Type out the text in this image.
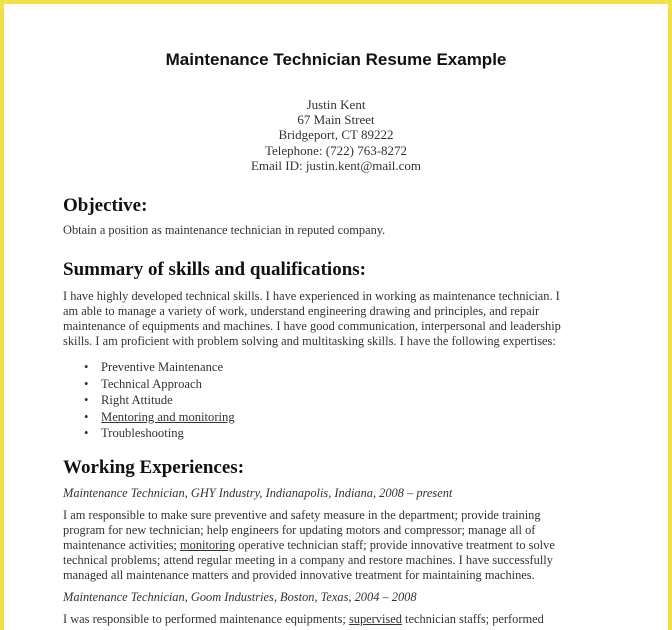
Maintenance Technician Resume Example
Justin Kent
67 Main Street
Bridgeport, CT 89222
Telephone: (722) 763-8272
Email ID: justin.kent@mail.com
Objective:
Obtain a position as maintenance technician in reputed company.
Summary of skills and qualifications:
I have highly developed technical skills. I have experienced in working as maintenance technician. I
am able to manage a variety of work, understand engineering drawing and principles, and repair
maintenance of equipments and machines. I have good communication, interpersonal and leadership
skills. I am proficient with problem solving and multitasking skills. I have the following expertises:
• Preventive Maintenance
• Technical Approach
• Right Attitude
• Mentoring and monitoring
• Troubleshooting
Working Experiences:
Maintenance Technician, GHY Industry, Indianapolis, Indiana, 2008 – present
I am responsible to make sure preventive and safety measure in the department; provide training
program for new technician; help engineers for updating motors and compressor; manage all of
maintenance activities; monitoring operative technician staff; provide innovative treatment to solve
technical problems; attend regular meeting in a company and restore machines. I have successfully
managed all maintenance matters and provided innovative treatment for maintaining machines.
Maintenance Technician, Goom Industries, Boston, Texas, 2004 – 2008
I was responsible to performed maintenance equipments; supervised technician staffs; performed
